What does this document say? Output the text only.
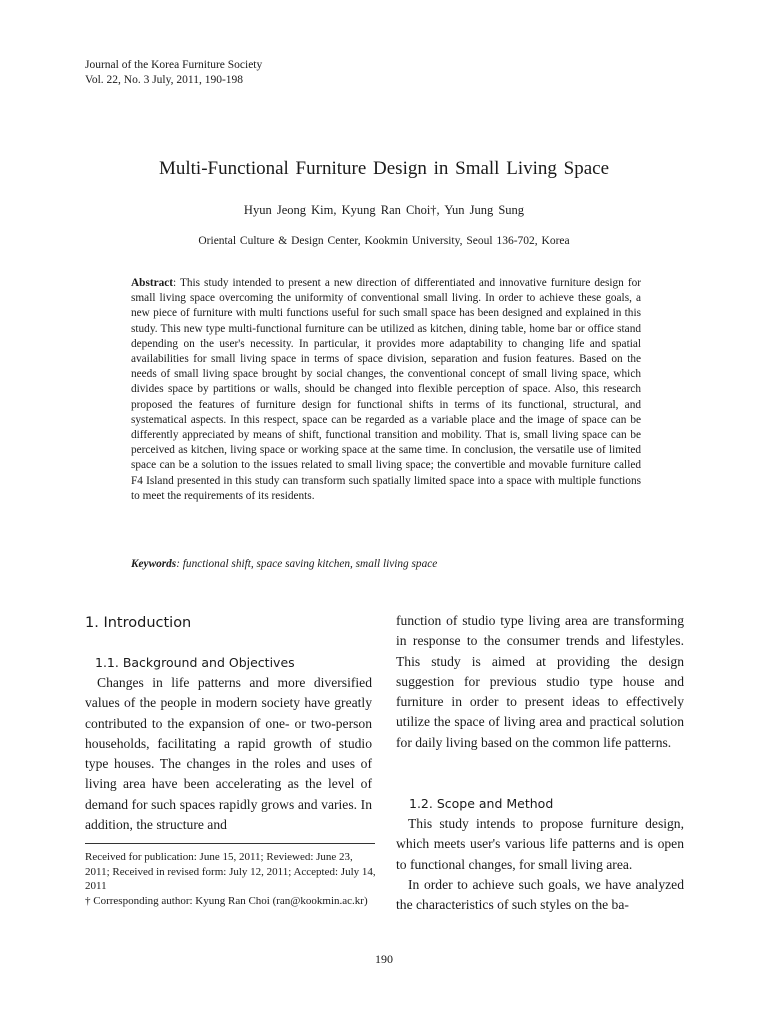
Journal of the Korea Furniture Society
Vol. 22, No. 3 July, 2011, 190-198
Multi-Functional Furniture Design in Small Living Space
Hyun Jeong Kim, Kyung Ran Choi†, Yun Jung Sung
Oriental Culture & Design Center, Kookmin University, Seoul 136-702, Korea
Abstract: This study intended to present a new direction of differentiated and innovative furniture design for small living space overcoming the uniformity of conventional small living. In order to achieve these goals, a new piece of furniture with multi functions useful for such small space has been designed and explained in this study. This new type multi-functional furniture can be utilized as kitchen, dining table, home bar or office stand depending on the user's necessity. In particular, it provides more adaptability to changing life and spatial availabilities for small living space in terms of space division, separation and fusion features. Based on the needs of small living space brought by social changes, the conventional concept of small living space, which divides space by partitions or walls, should be changed into flexible perception of space. Also, this research proposed the features of furniture design for functional shifts in terms of its functional, structural, and systematical aspects. In this respect, space can be regarded as a variable place and the image of space can be differently appreciated by means of shift, functional transition and mobility. That is, small living space can be perceived as kitchen, living space or working space at the same time. In conclusion, the versatile use of limited space can be a solution to the issues related to small living space; the convertible and movable furniture called F4 Island presented in this study can transform such spatially limited space into a space with multiple functions to meet the requirements of its residents.
Keywords: functional shift, space saving kitchen, small living space
1. Introduction
1.1. Background and Objectives

Changes in life patterns and more diversified values of the people in modern society have greatly contributed to the expansion of one- or two-person households, facilitating a rapid growth of studio type houses. The changes in the roles and uses of living area have been accelerating as the level of demand for such spaces rapidly grows and varies. In addition, the structure and

function of studio type living area are transforming in response to the consumer trends and lifestyles. This study is aimed at providing the design suggestion for previous studio type house and furniture in order to present ideas to effectively utilize the space of living area and practical solution for daily living based on the common life patterns.

1.2. Scope and Method

This study intends to propose furniture design, which meets user's various life patterns and is open to functional changes, for small living area.

In order to achieve such goals, we have analyzed the characteristics of such styles on the ba-

Received for publication: June 15, 2011; Reviewed: June 23, 2011; Received in revised form: July 12, 2011; Accepted: July 14, 2011
† Corresponding author: Kyung Ran Choi (ran@kookmin.ac.kr)
190
